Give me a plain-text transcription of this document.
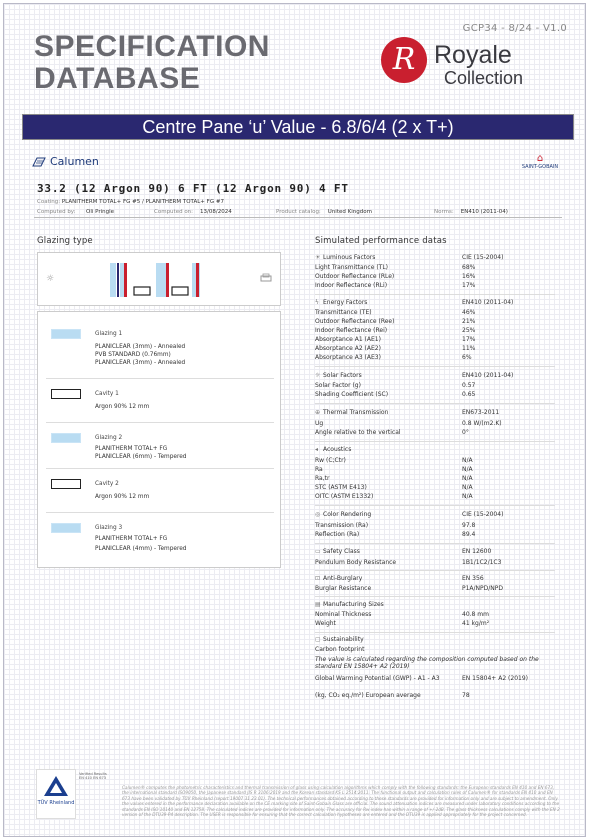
GCP34 - 8/24 - V1.0
SPECIFICATION
DATABASE
R Royale
Collection
Centre Pane ‘u’ Value - 6.8/6/4 (2 x T+)
Calumen	⌂
SAINT-GOBAIN
33.2 (12 Argon 90) 6 FT (12 Argon 90) 4 FT
Coating: PLANITHERM TOTAL+ FG #5 / PLANITHERM TOTAL+ FG #7
Computed by: Oli Pringle	Computed on: 13/08/2024	Product catalog: United Kingdom	Norms: EN410 (2011-04)
Glazing type	Simulated performance datas
☼
Glazing 1
PLANICLEAR (3mm) - Annealed
PVB STANDARD (0.76mm)
PLANICLEAR (3mm) - Annealed
Cavity 1
Argon 90% 12 mm
Glazing 2
PLANITHERM TOTAL+ FG
PLANICLEAR (6mm) - Tempered
Cavity 2
Argon 90% 12 mm
Glazing 3
PLANITHERM TOTAL+ FG
PLANICLEAR (4mm) - Tempered
☀ Luminous Factors	CIE (15-2004)
Light Transmittance (TL)	68%
Outdoor Reflectance (RLe)	16%
Indoor Reflectance (RLi)	17%
ϟ Energy Factors	EN410 (2011-04)
Transmittance (TE)	46%
Outdoor Reflectance (Ree)	21%
Indoor Reflectance (Rei)	25%
Absorptance A1 (AE1)	17%
Absorptance A2 (AE2)	11%
Absorptance A3 (AE3)	6%
☼ Solar Factors	EN410 (2011-04)
Solar Factor (g)	0.57
Shading Coefficient (SC)	0.65
⊕ Thermal Transmission	EN673-2011
Ug	0.8 W/(m2.K)
Angle relative to the vertical	0°
◂ Acoustics
Rw (C;Ctr)	N/A
Ra	N/A
Ra,tr	N/A
STC (ASTM E413)	N/A
OITC (ASTM E1332)	N/A
◎ Color Rendering	CIE (15-2004)
Transmission (Ra)	97.8
Reflection (Ra)	89.4
▭ Safety Class	EN 12600
Pendulum Body Resistance	1B1/1C2/1C3
⊡ Anti-Burglary	EN 356
Burglar Resistance	P1A/NPD/NPD
▤ Manufacturing Sizes
Nominal Thickness	40.8 mm
Weight	41 kg/m²
▢ Sustainability
Carbon footprint
The value is calculated regarding the composition computed based on the standard EN 15804+ A2 (2019)
Global Warming Potential (GWP) - A1 - A3	EN 15804+ A2 (2019)
(kg, CO₂ eq./m²) European average	78
TÜV Rheinland
Verified Results EN 410 EN 673
Calumen® computes the photometric characteristics and thermal transmission of glass using calculation algorithms which comply with the following standards: the European standards EN 410 and EN 673, the international standard ISO9050, the Japanese standard JIS R 3106:2019 and the Korean standard KS L 2514:2011. The functional output and calculation rules of Calumen® for standards EN 410 and EN 673 have been validated by TÜV Rheinland (report 19007 31 23 01). The technical performances obtained according to these standards are provided for information only and are subject to amendment. Only the values entered in the performance declaration available on the CE marking site of Saint-Gobain Glass are official. The sound attenuation indices are measured under laboratory conditions according to the standards EN ISO 10140 and EN 12758. The calculated indices are provided for information only. The accuracy for Rw index has within a range of +/-2dB. The glass thickness calculations comply with the EN 2 version of the DTU39-P4 description. The USER is responsible for ensuring that the correct calculation hypotheses are entered and the DTU39 is applied appropriately for the project concerned.
